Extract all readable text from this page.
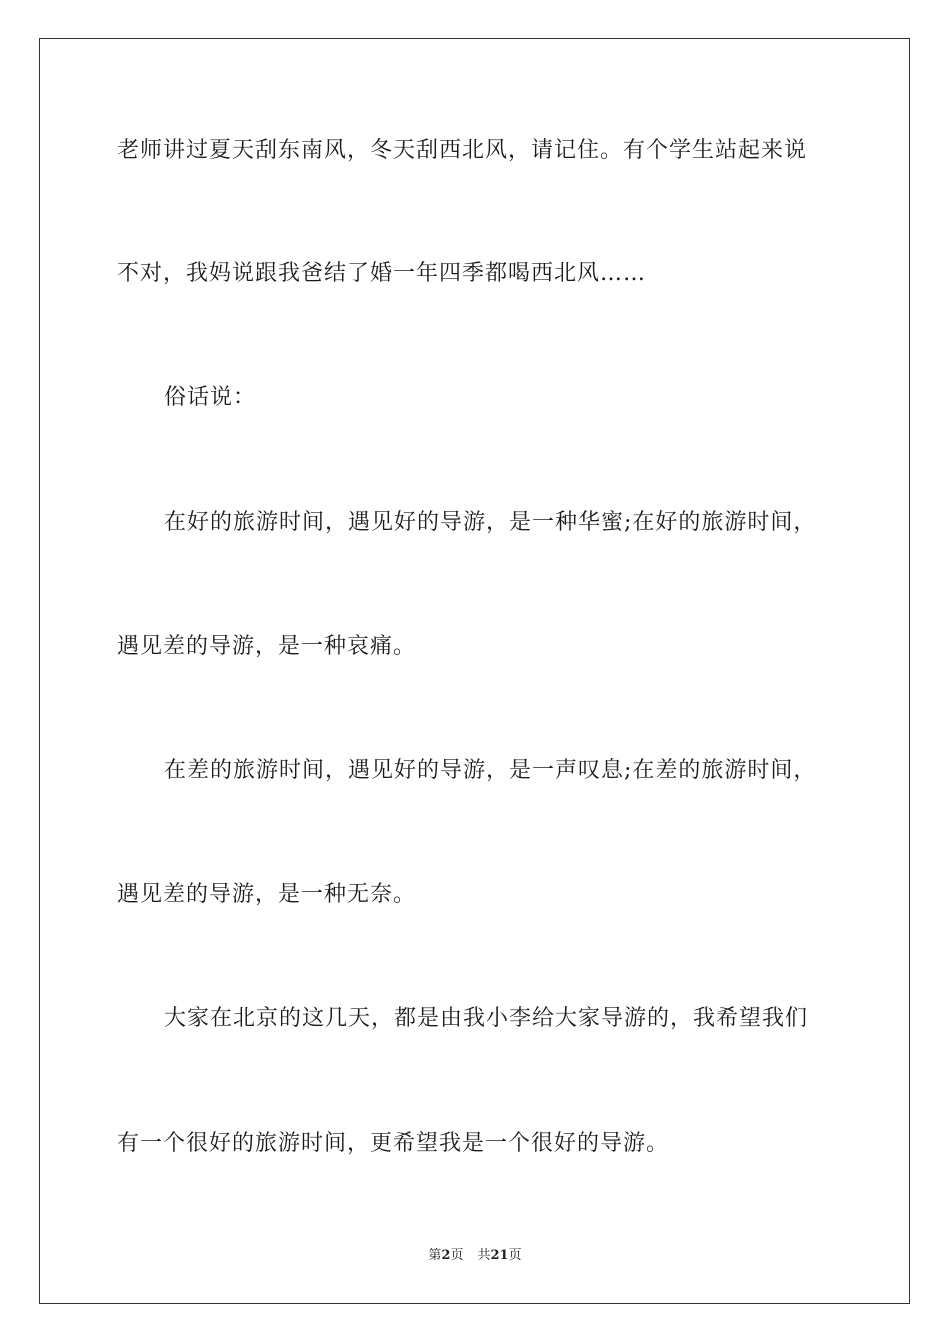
老师讲过夏天刮东南风，冬天刮西北风，请记住。有个学生站起来说
不对，我妈说跟我爸结了婚一年四季都喝西北风……
俗话说：
在好的旅游时间，遇见好的导游，是一种华蜜;在好的旅游时间，
遇见差的导游，是一种哀痛。
在差的旅游时间，遇见好的导游，是一声叹息;在差的旅游时间，
遇见差的导游，是一种无奈。
大家在北京的这几天，都是由我小李给大家导游的，我希望我们
有一个很好的旅游时间，更希望我是一个很好的导游。
第2页 共21页
